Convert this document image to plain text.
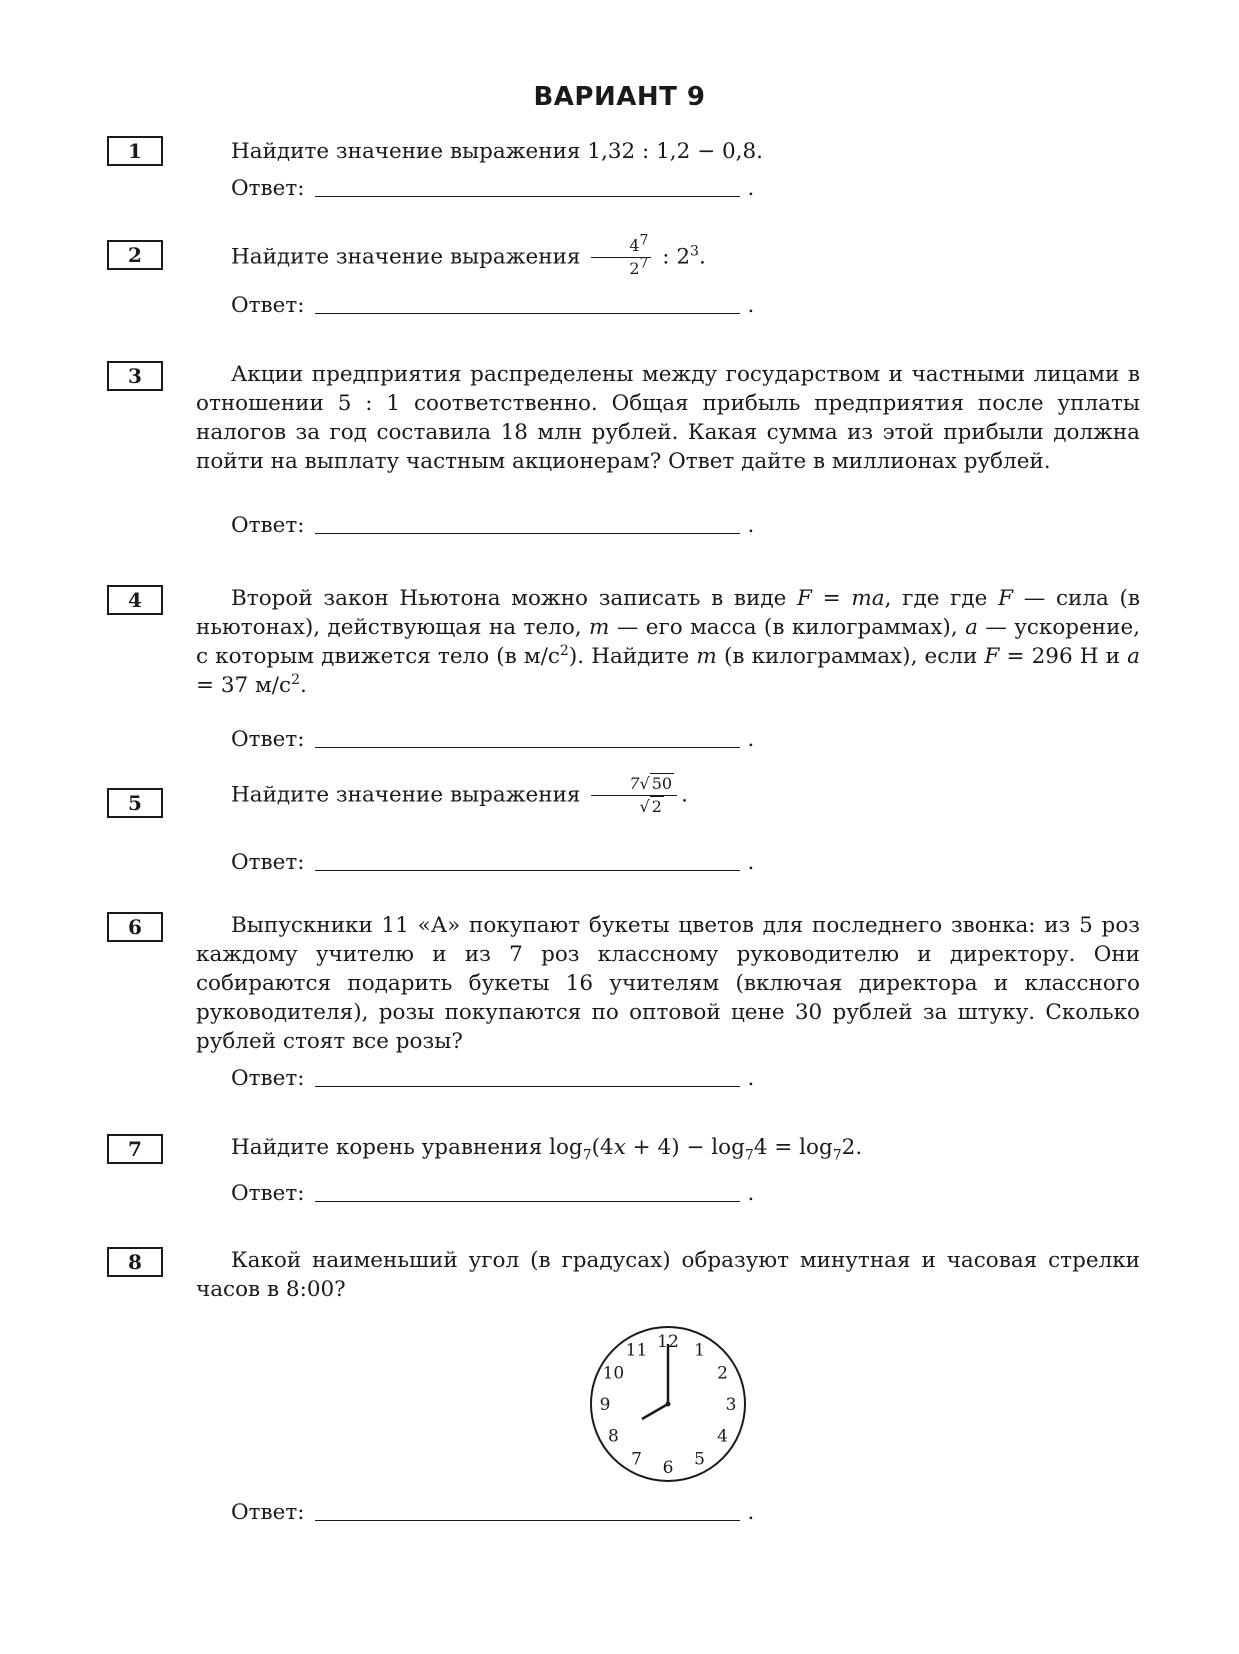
ВАРИАНТ 9
1	Найдите значение выражения 1,32 : 1,2 − 0,8.
Ответ:	.
2	Найдите значение выражения $\frac{4^7}{2^7}$ : $2^3$.
Ответ:	.
3	Акции предприятия распределены между государством и частными лицами в отношении 5 : 1 соответственно. Общая прибыль предприятия после уплаты налогов за год составила 18 млн рублей. Какая сумма из этой прибыли должна пойти на выплату частным акционерам? Ответ дайте в миллионах рублей.
Ответ:	.
4	Второй закон Ньютона можно записать в виде F = ma, где где F — сила (в ньютонах), действующая на тело, m — его масса (в килограммах), a — ускорение, с которым движется тело (в $м/с^2$). Найдите m (в килограммах), если F = 296 Н и a = 37 $м/с^2$.
Ответ:	.
5	Найдите значение выражения $\frac{7√ 50}{√ 2}$ .
Ответ:	.
6	Выпускники 11 «А» покупают букеты цветов для последнего звонка: из 5 роз каждому учителю и из 7 роз классному руководителю и директору. Они собираются подарить букеты 16 учителям (включая директора и классного руководителя), розы покупаются по оптовой цене 30 рублей за штуку. Сколько рублей стоят все розы?
Ответ:	.
7	Найдите корень уравнения $\log_7(4x + 4) - \log_74 = \log_72$.
Ответ:	.
8	Какой наименьший угол (в градусах) образуют минутная и часовая стрелки часов в 8:00?
Ответ:	.
12 1
2
3
4
5
6
7
8
9
10
11
